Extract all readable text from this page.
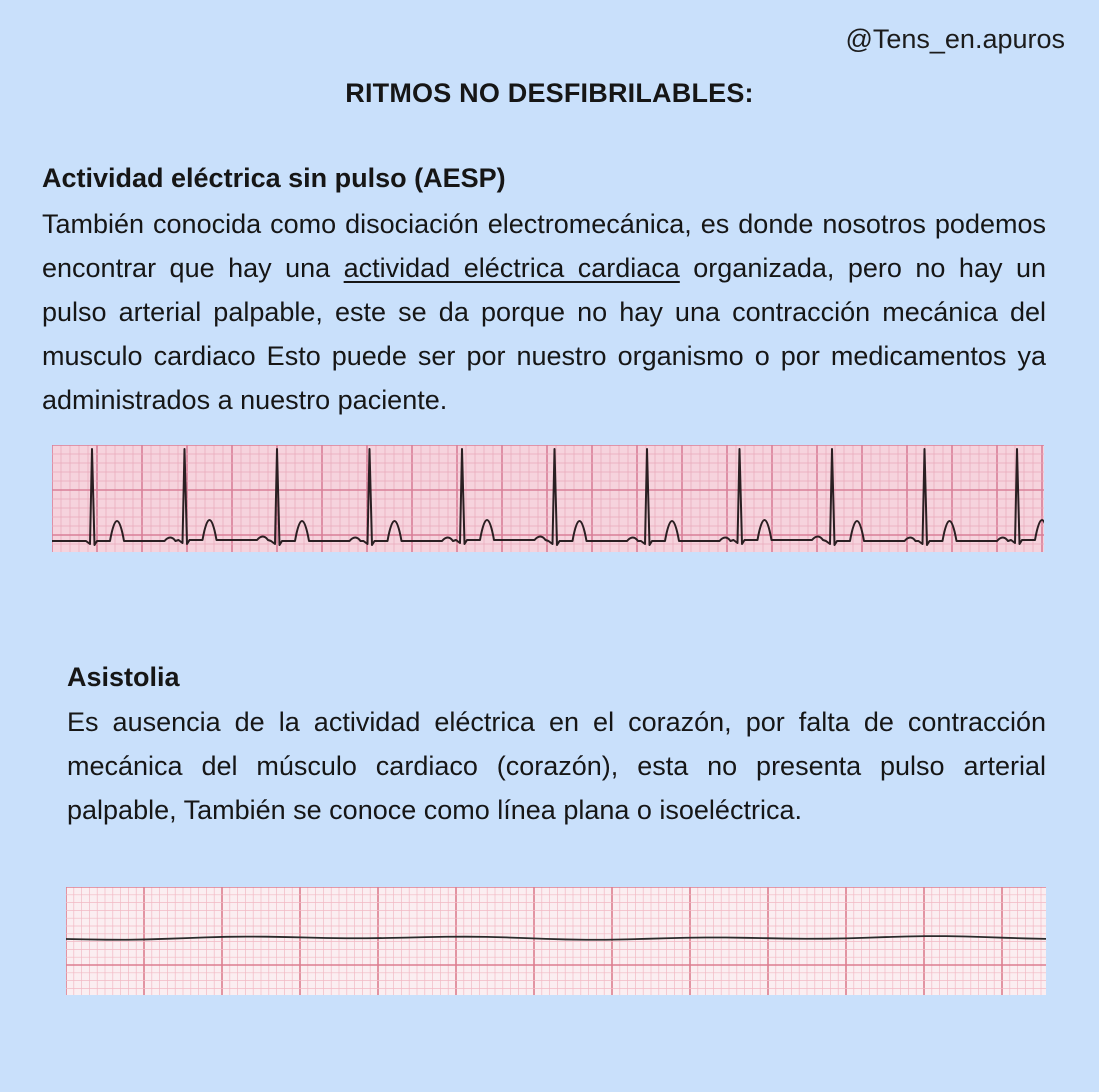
@Tens_en.apuros
RITMOS NO DESFIBRILABLES:
Actividad eléctrica sin pulso (AESP)
También conocida como disociación electromecánica, es donde nosotros podemos encontrar que hay una actividad eléctrica cardiaca organizada, pero no hay un pulso arterial palpable, este se da porque no hay una contracción mecánica del musculo cardiaco Esto puede ser por nuestro organismo o por medicamentos ya administrados a nuestro paciente.
Asistolia
Es ausencia de la actividad eléctrica en el corazón, por falta de contracción mecánica del músculo cardiaco (corazón), esta no presenta pulso arterial palpable, También se conoce como línea plana o isoeléctrica.
